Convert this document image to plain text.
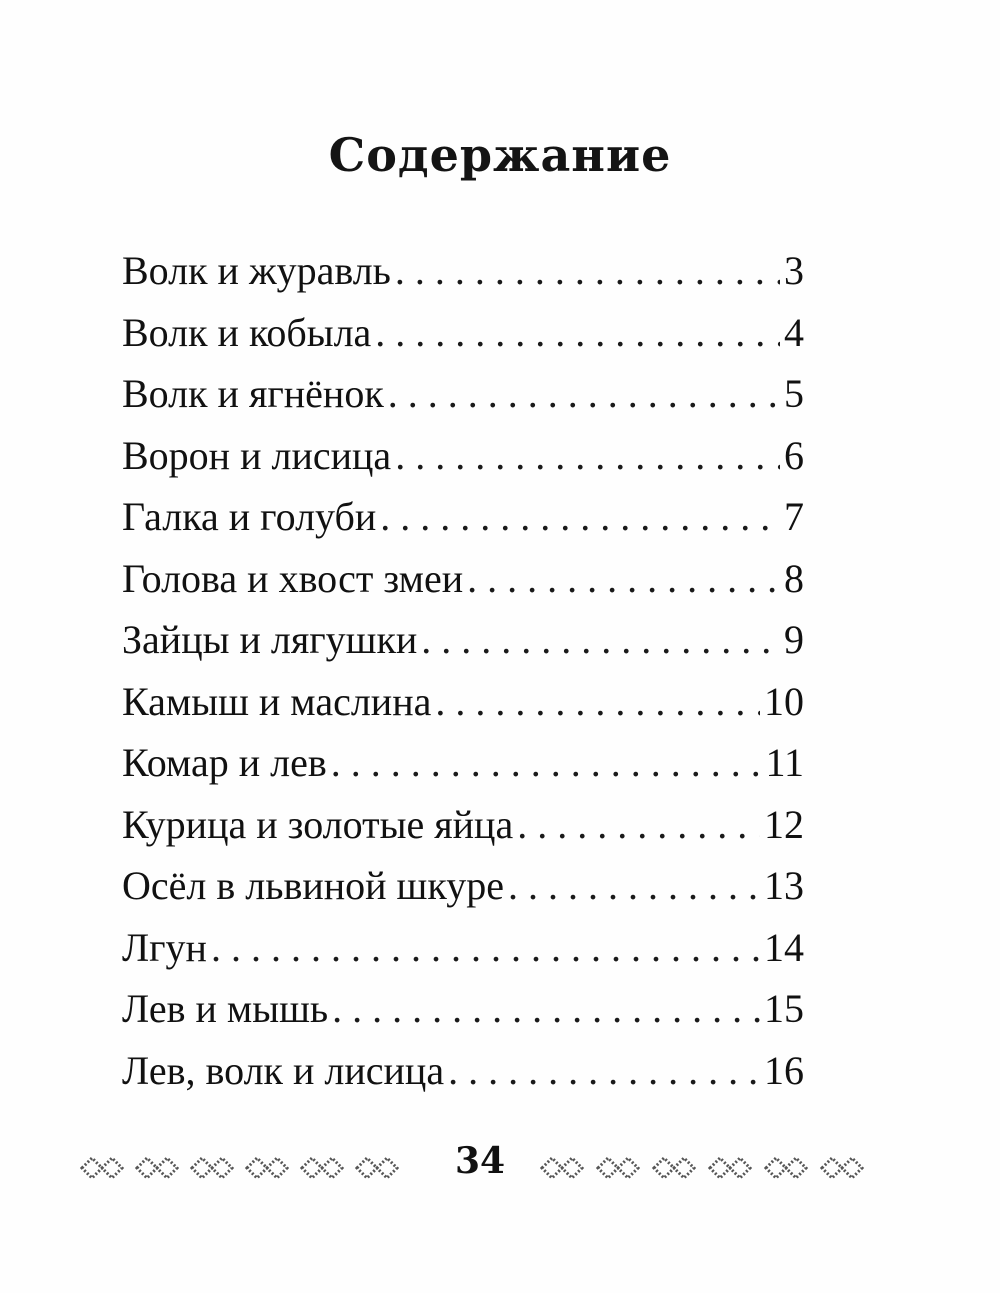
Содержание
Волк и журавль . . .	3
Волк и кобыла . . .	4
Волк и ягнёнок . . .	5
Ворон и лисица . . .	6
Галка и голуби . . .	7
Голова и хвост змеи . . .	8
Зайцы и лягушки . . .	9
Камыш и маслина . . .	10
Комар и лев . . .	11
Курица и золотые яйца . . .	12
Осёл в львиной шкуре . . .	13
Лгун . . .	14
Лев и мышь . . .	15
Лев, волк и лисица . . .	16
34
